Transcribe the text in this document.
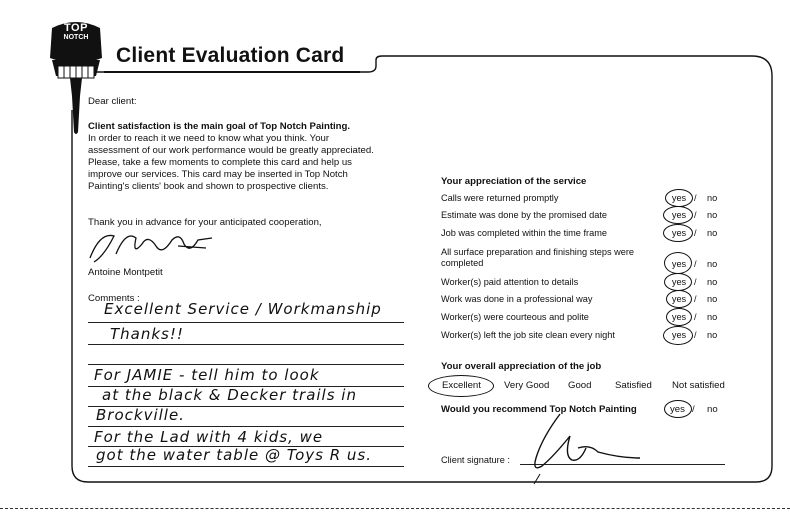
TOP
NOTCH
Client Evaluation Card
Dear client:
Client satisfaction is the main goal of Top Notch Painting.
In order to reach it we need to know what you think. Your assessment of our work performance would be greatly appreciated. Please, take a few moments to complete this card and help us improve our services. This card may be inserted in Top Notch Painting's clients' book and shown to prospective clients.
Thank you in advance for your anticipated cooperation,
Antoine Montpetit
Comments :
Excellent Service / Workmanship
Thanks!!
For JAMIE - tell him to look
at the black & Decker trails in
Brockville.
For the Lad with 4 kids, we
got the water table @ Toys R us.
Your appreciation of the service
Calls were returned promptly	yes / no
Estimate was done by the promised date	yes / no
Job was completed within the time frame	yes / no
All surface preparation and finishing steps were completed	yes / no
Worker(s) paid attention to details	yes / no
Work was done in a professional way	yes / no
Worker(s) were courteous and polite	yes / no
Worker(s) left the job site clean every night	yes / no
Your overall appreciation of the job
Excellent Very Good Good Satisfied Not satisfied
Would you recommend Top Notch Painting	yes / no
Client signature :
